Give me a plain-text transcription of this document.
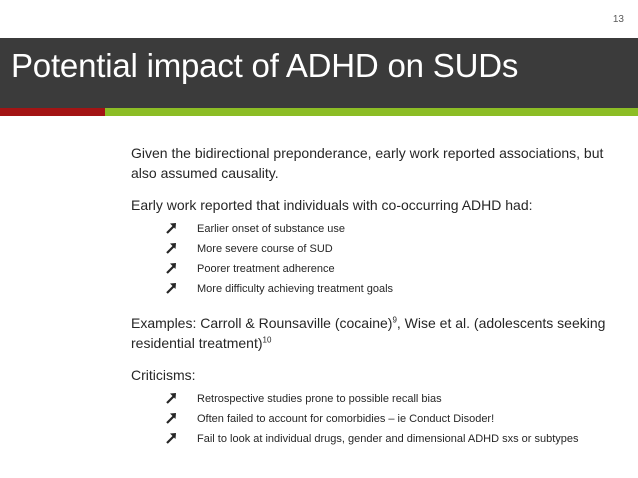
13
Potential impact of ADHD on SUDs

Given the bidirectional preponderance, early work reported associations, but also assumed causality.

Early work reported that individuals with co-occurring ADHD had:

Earlier onset of substance use
More severe course of SUD
Poorer treatment adherence
More difficulty achieving treatment goals

Examples: Carroll & Rounsaville (cocaine)$^9$, Wise et al. (adolescents seeking residential treatment)$^{10}$

Criticisms:

Retrospective studies prone to possible recall bias
Often failed to account for comorbidies – ie Conduct Disoder!
Fail to look at individual drugs, gender and dimensional ADHD sxs or subtypes
